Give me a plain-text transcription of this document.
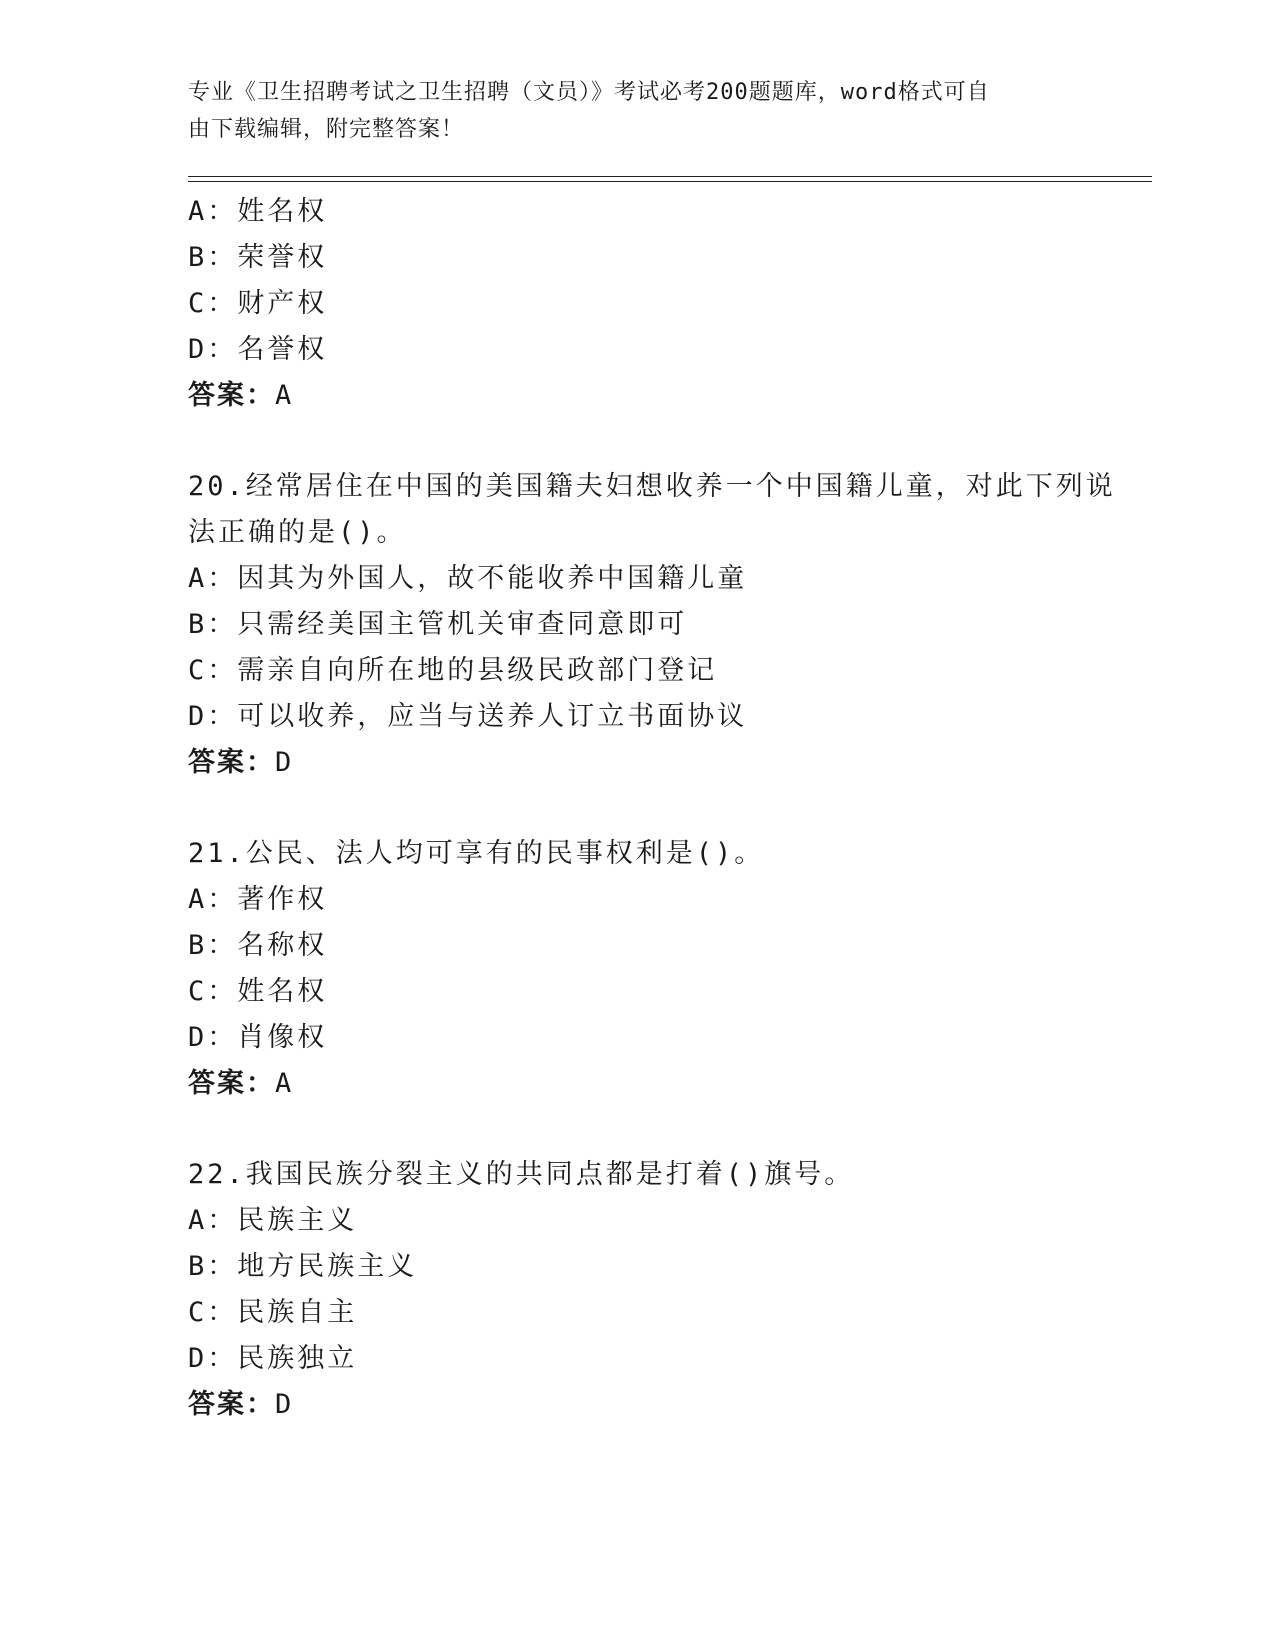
专业《卫生招聘考试之卫生招聘（文员）》考试必考200题题库，word格式可自
由下载编辑，附完整答案！
A：姓名权
B：荣誉权
C：财产权
D：名誉权
答案：A
20.经常居住在中国的美国籍夫妇想收养一个中国籍儿童，对此下列说
法正确的是()。
A：因其为外国人，故不能收养中国籍儿童
B：只需经美国主管机关审查同意即可
C：需亲自向所在地的县级民政部门登记
D：可以收养，应当与送养人订立书面协议
答案：D
21.公民、法人均可享有的民事权利是()。
A：著作权
B：名称权
C：姓名权
D：肖像权
答案：A
22.我国民族分裂主义的共同点都是打着()旗号。
A：民族主义
B：地方民族主义
C：民族自主
D：民族独立
答案：D
